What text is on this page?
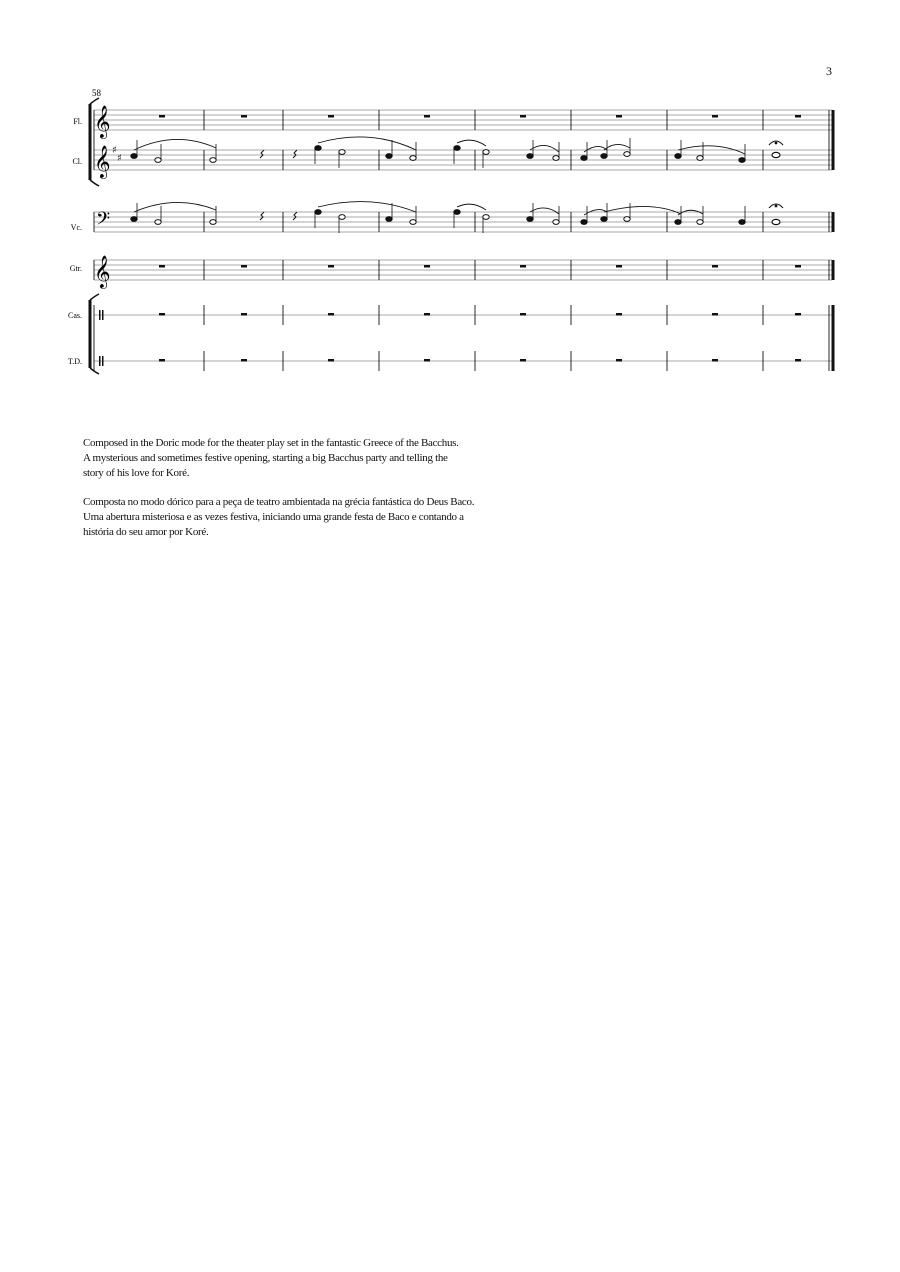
3
58
Fl.
Cl.
Vc.
Gtr.
Cas.
T.D.
𝄞
𝄞
𝄢
𝄞
♯
♯

Composed in the Doric mode for the theater play set in the fantastic Greece of the Bacchus.
A mysterious and sometimes festive opening, starting a big Bacchus party and telling the
story of his love for Koré.

Composta no modo dórico para a peça de teatro ambientada na grécia fantástica do Deus Baco.
Uma abertura misteriosa e as vezes festiva, iniciando uma grande festa de Baco e contando a
história do seu amor por Koré.
